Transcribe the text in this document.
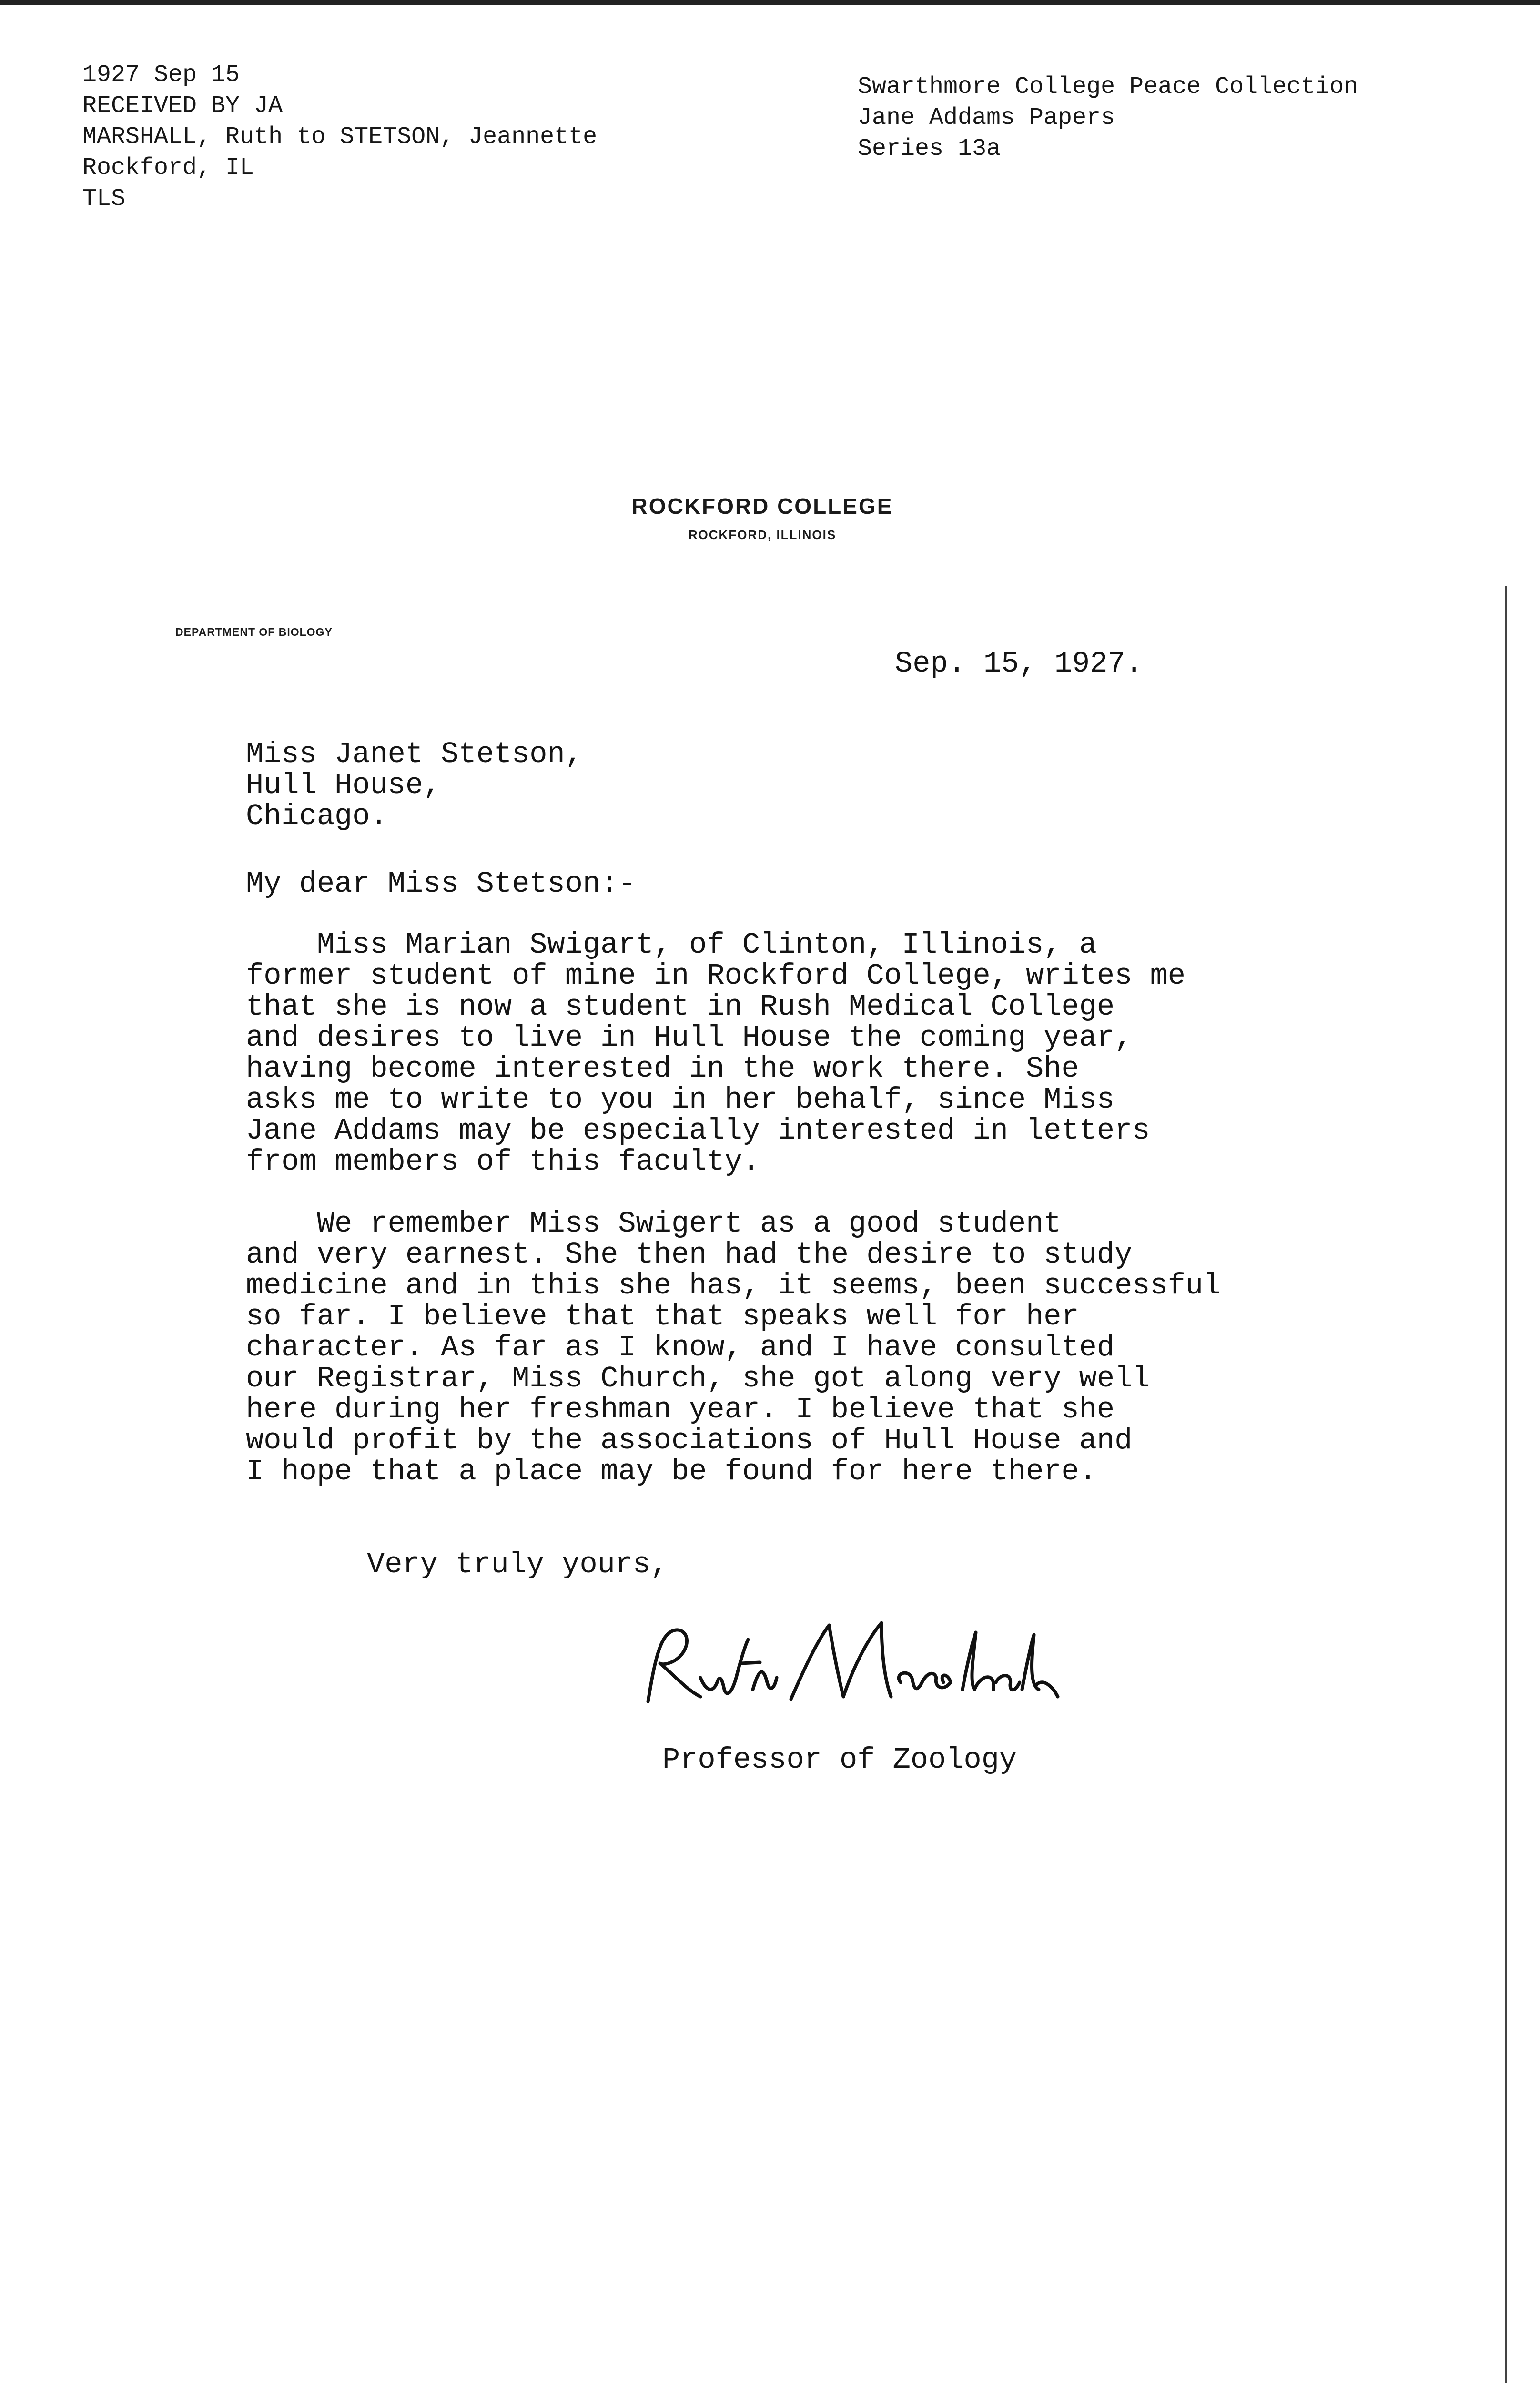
1927 Sep 15
RECEIVED BY JA
MARSHALL, Ruth to STETSON, Jeannette
Rockford, IL
TLS
Swarthmore College Peace Collection
Jane Addams Papers
Series 13a
ROCKFORD COLLEGE
ROCKFORD, ILLINOIS
DEPARTMENT OF BIOLOGY
Sep. 15, 1927.
Miss Janet Stetson,
Hull House,
Chicago.
My dear Miss Stetson:-
Miss Marian Swigart, of Clinton, Illinois, a
former student of mine in Rockford College, writes me
that she is now a student in Rush Medical College
and desires to live in Hull House the coming year,
having become interested in the work there. She
asks me to write to you in her behalf, since Miss
Jane Addams may be especially interested in letters
from members of this faculty.
We remember Miss Swigert as a good student
and very earnest. She then had the desire to study
medicine and in this she has, it seems, been successful
so far. I believe that that speaks well for her
character. As far as I know, and I have consulted
our Registrar, Miss Church, she got along very well
here during her freshman year. I believe that she
would profit by the associations of Hull House and
I hope that a place may be found for here there.
Very truly yours,
Professor of Zoology
